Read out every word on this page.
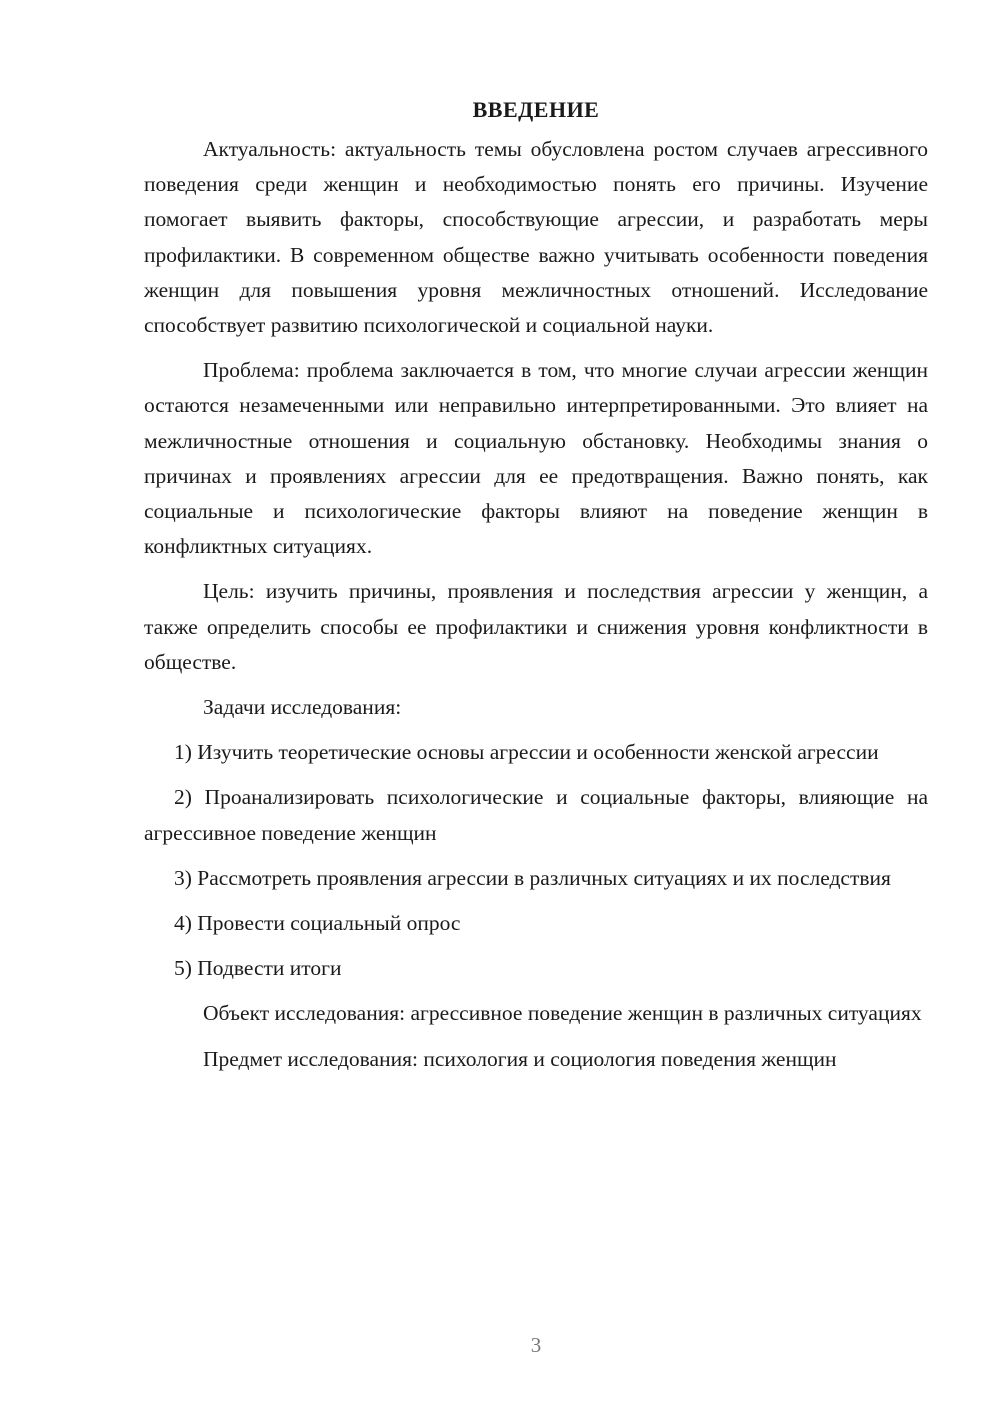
ВВЕДЕНИЕ

Актуальность: актуальность темы обусловлена ростом случаев агрессивного поведения среди женщин и необходимостью понять его причины. Изучение помогает выявить факторы, способствующие агрессии, и разработать меры профилактики. В современном обществе важно учитывать особенности поведения женщин для повышения уровня межличностных отношений. Исследование способствует развитию психологической и социальной науки.

Проблема: проблема заключается в том, что многие случаи агрессии женщин остаются незамеченными или неправильно интерпретированными. Это влияет на межличностные отношения и социальную обстановку. Необходимы знания о причинах и проявлениях агрессии для ее предотвращения. Важно понять, как социальные и психологические факторы влияют на поведение женщин в конфликтных ситуациях.

Цель: изучить причины, проявления и последствия агрессии у женщин, а также определить способы ее профилактики и снижения уровня конфликтности в обществе.

Задачи исследования:

1) Изучить теоретические основы агрессии и особенности женской агрессии

2) Проанализировать психологические и социальные факторы, влияющие на агрессивное поведение женщин

3) Рассмотреть проявления агрессии в различных ситуациях и их последствия

4) Провести социальный опрос

5) Подвести итоги

Объект исследования: агрессивное поведение женщин в различных ситуациях

Предмет исследования: психология и социология поведения женщин

3
